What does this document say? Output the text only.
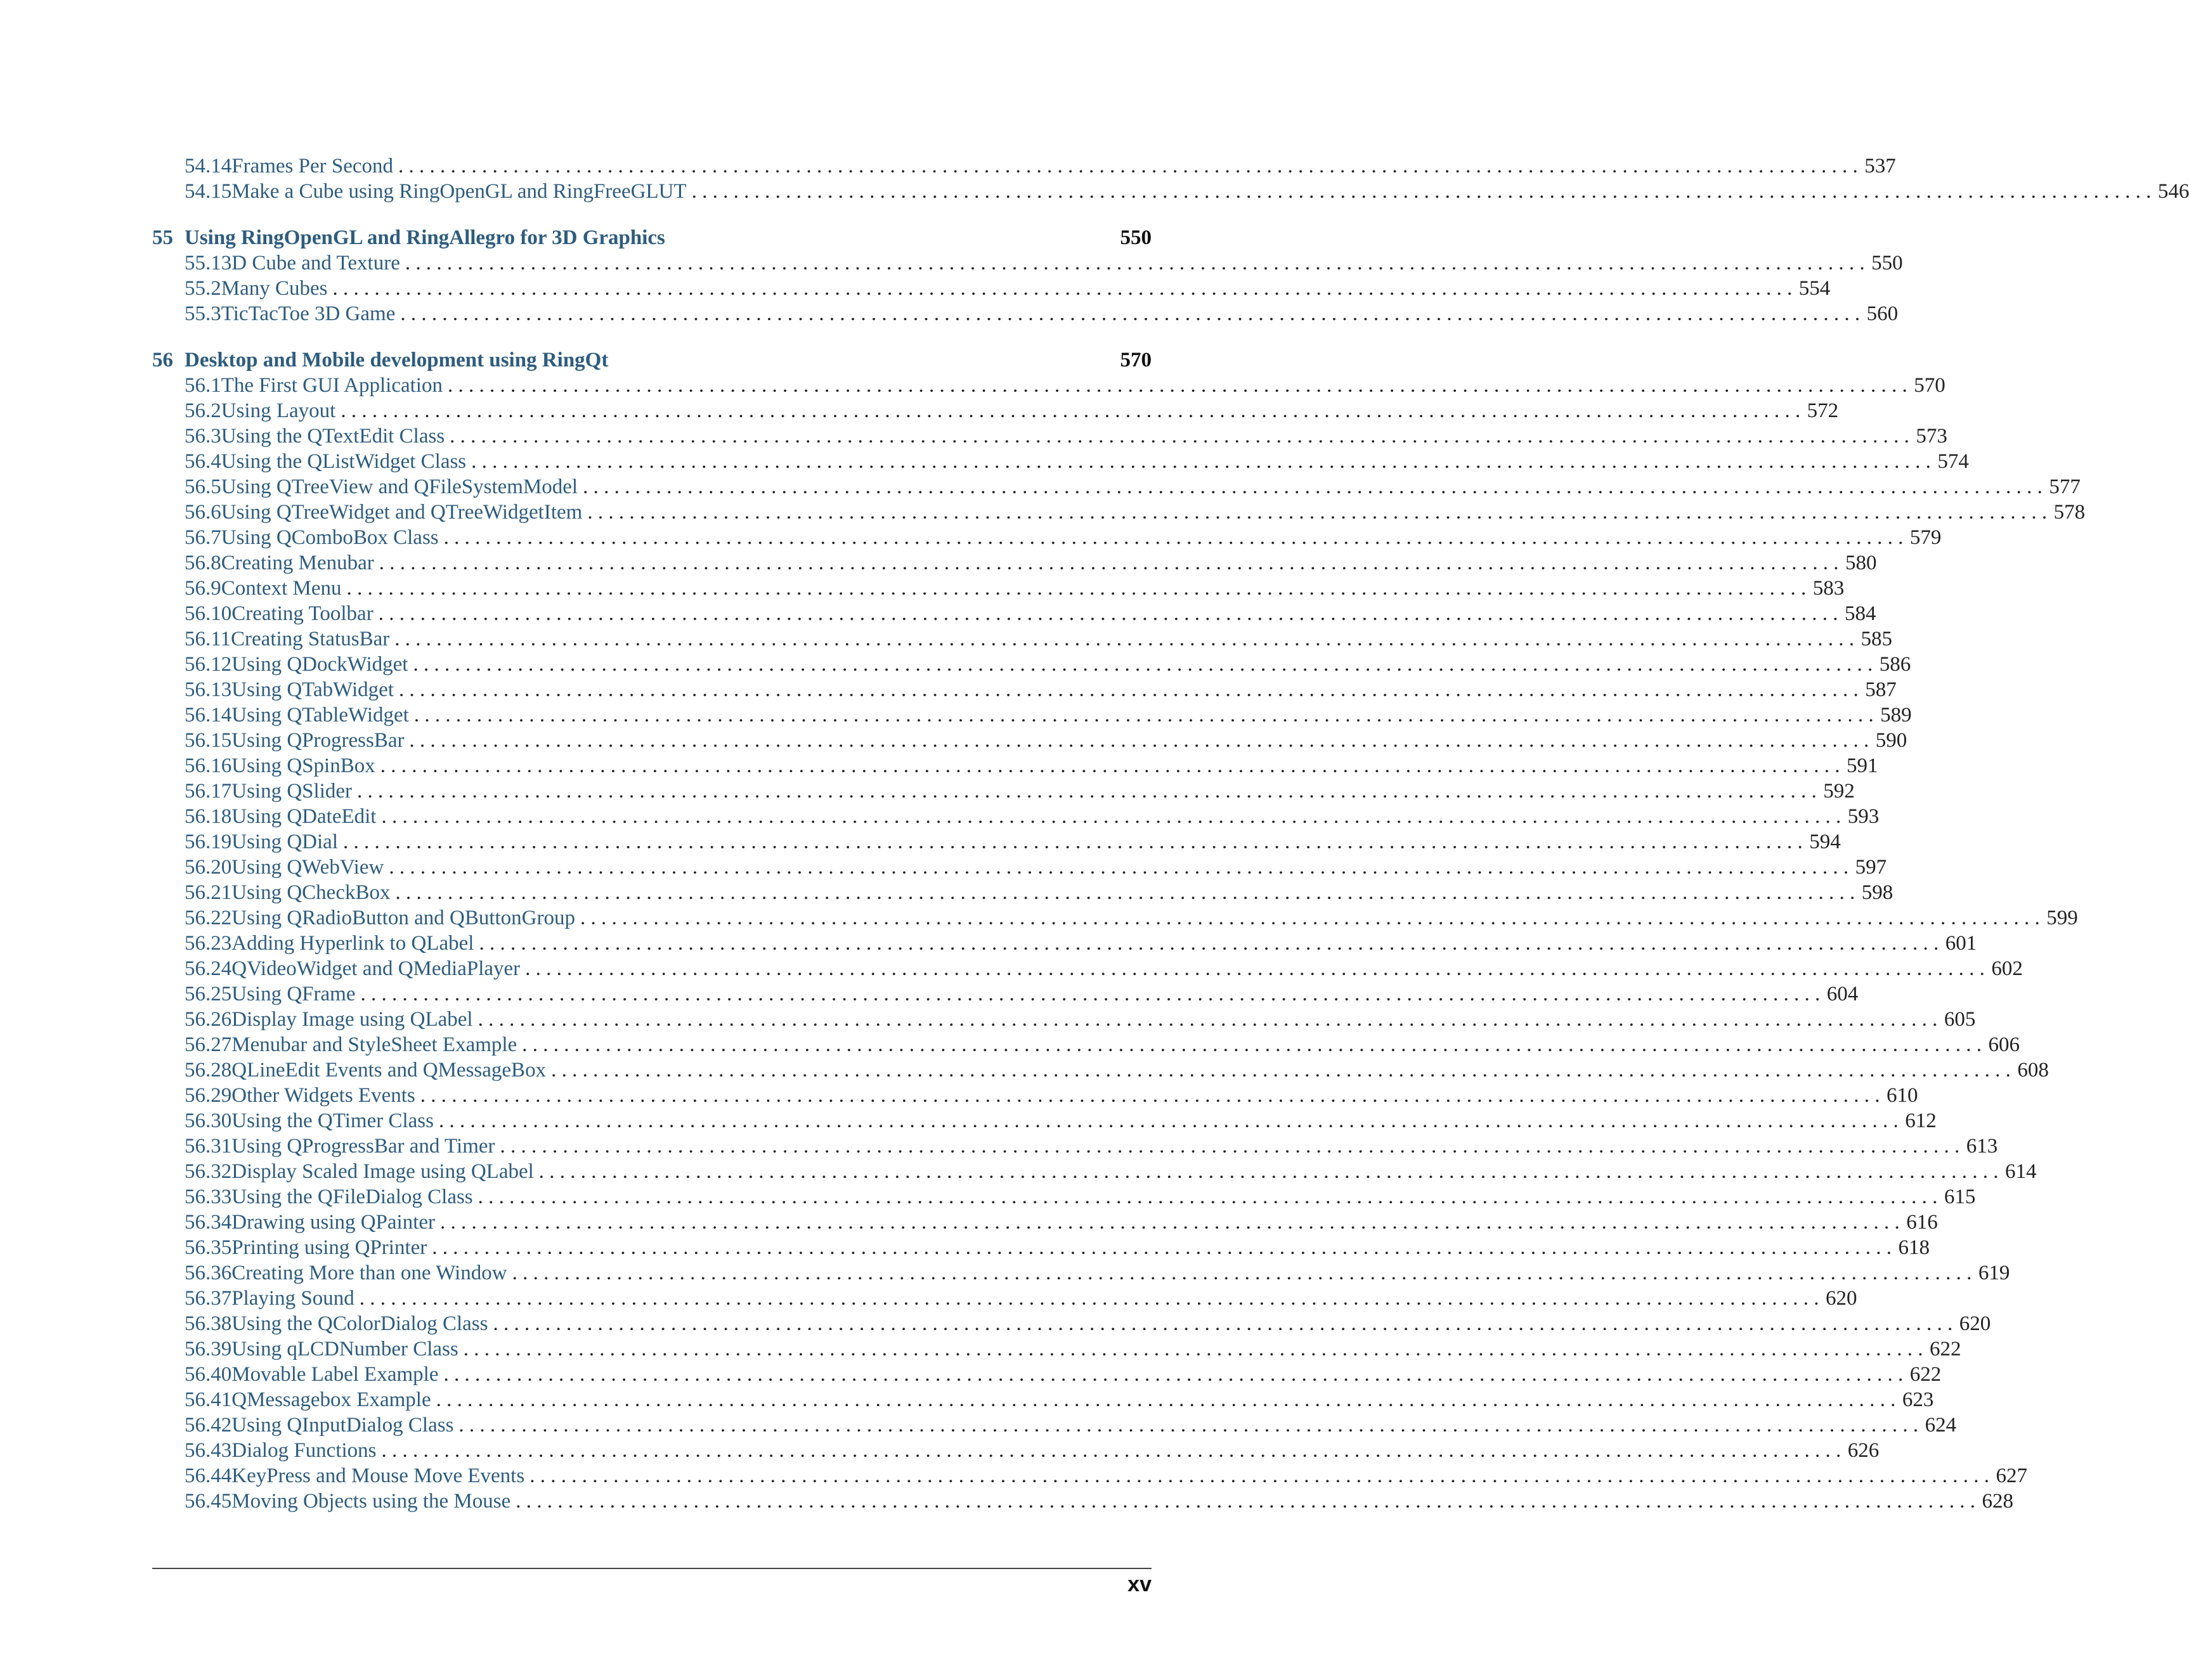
54.14 Frames Per Second . . . . . . . . . . . . . . . . . . . . . . . . . . . . . . . . . . . . . . . . . . . . . . . . . . . . . . . . . . . . . . . . . . . . . . . . . . . . . . . . . . . . . . . . . . . . . . . . . . . . . . . . . . . . . . . . . . . . . . . . . . . . . . . . . . . . . . . . . . . . 537
54.15 Make a Cube using RingOpenGL and RingFreeGLUT . . . . . . . . . . . . . . . . . . . . . . . . . . . . . . . . . . . . . . . . . . . . . . . . . . . . . . . . . . . . . . . . . . . . . . . . . . . . . . . . . . . . . . . . . . . . . . . . . . . . . . . . . . . . . . . . . . . . . . . . . . . . . . . . . . . . . . . . . . . . 546
55 Using RingOpenGL and RingAllegro for 3D Graphics	550
55.1 3D Cube and Texture . . . . . . . . . . . . . . . . . . . . . . . . . . . . . . . . . . . . . . . . . . . . . . . . . . . . . . . . . . . . . . . . . . . . . . . . . . . . . . . . . . . . . . . . . . . . . . . . . . . . . . . . . . . . . . . . . . . . . . . . . . . . . . . . . . . . . . . . . . . . 550
55.2 Many Cubes . . . . . . . . . . . . . . . . . . . . . . . . . . . . . . . . . . . . . . . . . . . . . . . . . . . . . . . . . . . . . . . . . . . . . . . . . . . . . . . . . . . . . . . . . . . . . . . . . . . . . . . . . . . . . . . . . . . . . . . . . . . . . . . . . . . . . . . . . . . . 554
55.3 TicTacToe 3D Game . . . . . . . . . . . . . . . . . . . . . . . . . . . . . . . . . . . . . . . . . . . . . . . . . . . . . . . . . . . . . . . . . . . . . . . . . . . . . . . . . . . . . . . . . . . . . . . . . . . . . . . . . . . . . . . . . . . . . . . . . . . . . . . . . . . . . . . . . . . . 560
56 Desktop and Mobile development using RingQt	570
56.1 The First GUI Application . . . . . . . . . . . . . . . . . . . . . . . . . . . . . . . . . . . . . . . . . . . . . . . . . . . . . . . . . . . . . . . . . . . . . . . . . . . . . . . . . . . . . . . . . . . . . . . . . . . . . . . . . . . . . . . . . . . . . . . . . . . . . . . . . . . . . . . . . . . . 570
56.2 Using Layout . . . . . . . . . . . . . . . . . . . . . . . . . . . . . . . . . . . . . . . . . . . . . . . . . . . . . . . . . . . . . . . . . . . . . . . . . . . . . . . . . . . . . . . . . . . . . . . . . . . . . . . . . . . . . . . . . . . . . . . . . . . . . . . . . . . . . . . . . . . . 572
56.3 Using the QTextEdit Class . . . . . . . . . . . . . . . . . . . . . . . . . . . . . . . . . . . . . . . . . . . . . . . . . . . . . . . . . . . . . . . . . . . . . . . . . . . . . . . . . . . . . . . . . . . . . . . . . . . . . . . . . . . . . . . . . . . . . . . . . . . . . . . . . . . . . . . . . . . . 573
56.4 Using the QListWidget Class . . . . . . . . . . . . . . . . . . . . . . . . . . . . . . . . . . . . . . . . . . . . . . . . . . . . . . . . . . . . . . . . . . . . . . . . . . . . . . . . . . . . . . . . . . . . . . . . . . . . . . . . . . . . . . . . . . . . . . . . . . . . . . . . . . . . . . . . . . . . 574
56.5 Using QTreeView and QFileSystemModel . . . . . . . . . . . . . . . . . . . . . . . . . . . . . . . . . . . . . . . . . . . . . . . . . . . . . . . . . . . . . . . . . . . . . . . . . . . . . . . . . . . . . . . . . . . . . . . . . . . . . . . . . . . . . . . . . . . . . . . . . . . . . . . . . . . . . . . . . . . . 577
56.6 Using QTreeWidget and QTreeWidgetItem . . . . . . . . . . . . . . . . . . . . . . . . . . . . . . . . . . . . . . . . . . . . . . . . . . . . . . . . . . . . . . . . . . . . . . . . . . . . . . . . . . . . . . . . . . . . . . . . . . . . . . . . . . . . . . . . . . . . . . . . . . . . . . . . . . . . . . . . . . . . 578
56.7 Using QComboBox Class . . . . . . . . . . . . . . . . . . . . . . . . . . . . . . . . . . . . . . . . . . . . . . . . . . . . . . . . . . . . . . . . . . . . . . . . . . . . . . . . . . . . . . . . . . . . . . . . . . . . . . . . . . . . . . . . . . . . . . . . . . . . . . . . . . . . . . . . . . . . 579
56.8 Creating Menubar . . . . . . . . . . . . . . . . . . . . . . . . . . . . . . . . . . . . . . . . . . . . . . . . . . . . . . . . . . . . . . . . . . . . . . . . . . . . . . . . . . . . . . . . . . . . . . . . . . . . . . . . . . . . . . . . . . . . . . . . . . . . . . . . . . . . . . . . . . . . 580
56.9 Context Menu . . . . . . . . . . . . . . . . . . . . . . . . . . . . . . . . . . . . . . . . . . . . . . . . . . . . . . . . . . . . . . . . . . . . . . . . . . . . . . . . . . . . . . . . . . . . . . . . . . . . . . . . . . . . . . . . . . . . . . . . . . . . . . . . . . . . . . . . . . . . 583
56.10 Creating Toolbar . . . . . . . . . . . . . . . . . . . . . . . . . . . . . . . . . . . . . . . . . . . . . . . . . . . . . . . . . . . . . . . . . . . . . . . . . . . . . . . . . . . . . . . . . . . . . . . . . . . . . . . . . . . . . . . . . . . . . . . . . . . . . . . . . . . . . . . . . . . . 584
56.11 Creating StatusBar . . . . . . . . . . . . . . . . . . . . . . . . . . . . . . . . . . . . . . . . . . . . . . . . . . . . . . . . . . . . . . . . . . . . . . . . . . . . . . . . . . . . . . . . . . . . . . . . . . . . . . . . . . . . . . . . . . . . . . . . . . . . . . . . . . . . . . . . . . . . 585
56.12 Using QDockWidget . . . . . . . . . . . . . . . . . . . . . . . . . . . . . . . . . . . . . . . . . . . . . . . . . . . . . . . . . . . . . . . . . . . . . . . . . . . . . . . . . . . . . . . . . . . . . . . . . . . . . . . . . . . . . . . . . . . . . . . . . . . . . . . . . . . . . . . . . . . . 586
56.13 Using QTabWidget . . . . . . . . . . . . . . . . . . . . . . . . . . . . . . . . . . . . . . . . . . . . . . . . . . . . . . . . . . . . . . . . . . . . . . . . . . . . . . . . . . . . . . . . . . . . . . . . . . . . . . . . . . . . . . . . . . . . . . . . . . . . . . . . . . . . . . . . . . . . 587
56.14 Using QTableWidget . . . . . . . . . . . . . . . . . . . . . . . . . . . . . . . . . . . . . . . . . . . . . . . . . . . . . . . . . . . . . . . . . . . . . . . . . . . . . . . . . . . . . . . . . . . . . . . . . . . . . . . . . . . . . . . . . . . . . . . . . . . . . . . . . . . . . . . . . . . . 589
56.15 Using QProgressBar . . . . . . . . . . . . . . . . . . . . . . . . . . . . . . . . . . . . . . . . . . . . . . . . . . . . . . . . . . . . . . . . . . . . . . . . . . . . . . . . . . . . . . . . . . . . . . . . . . . . . . . . . . . . . . . . . . . . . . . . . . . . . . . . . . . . . . . . . . . . 590
56.16 Using QSpinBox . . . . . . . . . . . . . . . . . . . . . . . . . . . . . . . . . . . . . . . . . . . . . . . . . . . . . . . . . . . . . . . . . . . . . . . . . . . . . . . . . . . . . . . . . . . . . . . . . . . . . . . . . . . . . . . . . . . . . . . . . . . . . . . . . . . . . . . . . . . . 591
56.17 Using QSlider . . . . . . . . . . . . . . . . . . . . . . . . . . . . . . . . . . . . . . . . . . . . . . . . . . . . . . . . . . . . . . . . . . . . . . . . . . . . . . . . . . . . . . . . . . . . . . . . . . . . . . . . . . . . . . . . . . . . . . . . . . . . . . . . . . . . . . . . . . . . 592
56.18 Using QDateEdit . . . . . . . . . . . . . . . . . . . . . . . . . . . . . . . . . . . . . . . . . . . . . . . . . . . . . . . . . . . . . . . . . . . . . . . . . . . . . . . . . . . . . . . . . . . . . . . . . . . . . . . . . . . . . . . . . . . . . . . . . . . . . . . . . . . . . . . . . . . . 593
56.19 Using QDial . . . . . . . . . . . . . . . . . . . . . . . . . . . . . . . . . . . . . . . . . . . . . . . . . . . . . . . . . . . . . . . . . . . . . . . . . . . . . . . . . . . . . . . . . . . . . . . . . . . . . . . . . . . . . . . . . . . . . . . . . . . . . . . . . . . . . . . . . . . . 594
56.20 Using QWebView . . . . . . . . . . . . . . . . . . . . . . . . . . . . . . . . . . . . . . . . . . . . . . . . . . . . . . . . . . . . . . . . . . . . . . . . . . . . . . . . . . . . . . . . . . . . . . . . . . . . . . . . . . . . . . . . . . . . . . . . . . . . . . . . . . . . . . . . . . . . 597
56.21 Using QCheckBox . . . . . . . . . . . . . . . . . . . . . . . . . . . . . . . . . . . . . . . . . . . . . . . . . . . . . . . . . . . . . . . . . . . . . . . . . . . . . . . . . . . . . . . . . . . . . . . . . . . . . . . . . . . . . . . . . . . . . . . . . . . . . . . . . . . . . . . . . . . . 598
56.22 Using QRadioButton and QButtonGroup . . . . . . . . . . . . . . . . . . . . . . . . . . . . . . . . . . . . . . . . . . . . . . . . . . . . . . . . . . . . . . . . . . . . . . . . . . . . . . . . . . . . . . . . . . . . . . . . . . . . . . . . . . . . . . . . . . . . . . . . . . . . . . . . . . . . . . . . . . . . 599
56.23 Adding Hyperlink to QLabel . . . . . . . . . . . . . . . . . . . . . . . . . . . . . . . . . . . . . . . . . . . . . . . . . . . . . . . . . . . . . . . . . . . . . . . . . . . . . . . . . . . . . . . . . . . . . . . . . . . . . . . . . . . . . . . . . . . . . . . . . . . . . . . . . . . . . . . . . . . . 601
56.24 QVideoWidget and QMediaPlayer . . . . . . . . . . . . . . . . . . . . . . . . . . . . . . . . . . . . . . . . . . . . . . . . . . . . . . . . . . . . . . . . . . . . . . . . . . . . . . . . . . . . . . . . . . . . . . . . . . . . . . . . . . . . . . . . . . . . . . . . . . . . . . . . . . . . . . . . . . . . 602
56.25 Using QFrame . . . . . . . . . . . . . . . . . . . . . . . . . . . . . . . . . . . . . . . . . . . . . . . . . . . . . . . . . . . . . . . . . . . . . . . . . . . . . . . . . . . . . . . . . . . . . . . . . . . . . . . . . . . . . . . . . . . . . . . . . . . . . . . . . . . . . . . . . . . . 604
56.26 Display Image using QLabel . . . . . . . . . . . . . . . . . . . . . . . . . . . . . . . . . . . . . . . . . . . . . . . . . . . . . . . . . . . . . . . . . . . . . . . . . . . . . . . . . . . . . . . . . . . . . . . . . . . . . . . . . . . . . . . . . . . . . . . . . . . . . . . . . . . . . . . . . . . . 605
56.27 Menubar and StyleSheet Example . . . . . . . . . . . . . . . . . . . . . . . . . . . . . . . . . . . . . . . . . . . . . . . . . . . . . . . . . . . . . . . . . . . . . . . . . . . . . . . . . . . . . . . . . . . . . . . . . . . . . . . . . . . . . . . . . . . . . . . . . . . . . . . . . . . . . . . . . . . . 606
56.28 QLineEdit Events and QMessageBox . . . . . . . . . . . . . . . . . . . . . . . . . . . . . . . . . . . . . . . . . . . . . . . . . . . . . . . . . . . . . . . . . . . . . . . . . . . . . . . . . . . . . . . . . . . . . . . . . . . . . . . . . . . . . . . . . . . . . . . . . . . . . . . . . . . . . . . . . . . . 608
56.29 Other Widgets Events . . . . . . . . . . . . . . . . . . . . . . . . . . . . . . . . . . . . . . . . . . . . . . . . . . . . . . . . . . . . . . . . . . . . . . . . . . . . . . . . . . . . . . . . . . . . . . . . . . . . . . . . . . . . . . . . . . . . . . . . . . . . . . . . . . . . . . . . . . . . 610
56.30 Using the QTimer Class . . . . . . . . . . . . . . . . . . . . . . . . . . . . . . . . . . . . . . . . . . . . . . . . . . . . . . . . . . . . . . . . . . . . . . . . . . . . . . . . . . . . . . . . . . . . . . . . . . . . . . . . . . . . . . . . . . . . . . . . . . . . . . . . . . . . . . . . . . . . 612
56.31 Using QProgressBar and Timer . . . . . . . . . . . . . . . . . . . . . . . . . . . . . . . . . . . . . . . . . . . . . . . . . . . . . . . . . . . . . . . . . . . . . . . . . . . . . . . . . . . . . . . . . . . . . . . . . . . . . . . . . . . . . . . . . . . . . . . . . . . . . . . . . . . . . . . . . . . . 613
56.32 Display Scaled Image using QLabel . . . . . . . . . . . . . . . . . . . . . . . . . . . . . . . . . . . . . . . . . . . . . . . . . . . . . . . . . . . . . . . . . . . . . . . . . . . . . . . . . . . . . . . . . . . . . . . . . . . . . . . . . . . . . . . . . . . . . . . . . . . . . . . . . . . . . . . . . . . . 614
56.33 Using the QFileDialog Class . . . . . . . . . . . . . . . . . . . . . . . . . . . . . . . . . . . . . . . . . . . . . . . . . . . . . . . . . . . . . . . . . . . . . . . . . . . . . . . . . . . . . . . . . . . . . . . . . . . . . . . . . . . . . . . . . . . . . . . . . . . . . . . . . . . . . . . . . . . . 615
56.34 Drawing using QPainter . . . . . . . . . . . . . . . . . . . . . . . . . . . . . . . . . . . . . . . . . . . . . . . . . . . . . . . . . . . . . . . . . . . . . . . . . . . . . . . . . . . . . . . . . . . . . . . . . . . . . . . . . . . . . . . . . . . . . . . . . . . . . . . . . . . . . . . . . . . . 616
56.35 Printing using QPrinter . . . . . . . . . . . . . . . . . . . . . . . . . . . . . . . . . . . . . . . . . . . . . . . . . . . . . . . . . . . . . . . . . . . . . . . . . . . . . . . . . . . . . . . . . . . . . . . . . . . . . . . . . . . . . . . . . . . . . . . . . . . . . . . . . . . . . . . . . . . . 618
56.36 Creating More than one Window . . . . . . . . . . . . . . . . . . . . . . . . . . . . . . . . . . . . . . . . . . . . . . . . . . . . . . . . . . . . . . . . . . . . . . . . . . . . . . . . . . . . . . . . . . . . . . . . . . . . . . . . . . . . . . . . . . . . . . . . . . . . . . . . . . . . . . . . . . . . 619
56.37 Playing Sound . . . . . . . . . . . . . . . . . . . . . . . . . . . . . . . . . . . . . . . . . . . . . . . . . . . . . . . . . . . . . . . . . . . . . . . . . . . . . . . . . . . . . . . . . . . . . . . . . . . . . . . . . . . . . . . . . . . . . . . . . . . . . . . . . . . . . . . . . . . . 620
56.38 Using the QColorDialog Class . . . . . . . . . . . . . . . . . . . . . . . . . . . . . . . . . . . . . . . . . . . . . . . . . . . . . . . . . . . . . . . . . . . . . . . . . . . . . . . . . . . . . . . . . . . . . . . . . . . . . . . . . . . . . . . . . . . . . . . . . . . . . . . . . . . . . . . . . . . . 620
56.39 Using qLCDNumber Class . . . . . . . . . . . . . . . . . . . . . . . . . . . . . . . . . . . . . . . . . . . . . . . . . . . . . . . . . . . . . . . . . . . . . . . . . . . . . . . . . . . . . . . . . . . . . . . . . . . . . . . . . . . . . . . . . . . . . . . . . . . . . . . . . . . . . . . . . . . . 622
56.40 Movable Label Example . . . . . . . . . . . . . . . . . . . . . . . . . . . . . . . . . . . . . . . . . . . . . . . . . . . . . . . . . . . . . . . . . . . . . . . . . . . . . . . . . . . . . . . . . . . . . . . . . . . . . . . . . . . . . . . . . . . . . . . . . . . . . . . . . . . . . . . . . . . . 622
56.41 QMessagebox Example . . . . . . . . . . . . . . . . . . . . . . . . . . . . . . . . . . . . . . . . . . . . . . . . . . . . . . . . . . . . . . . . . . . . . . . . . . . . . . . . . . . . . . . . . . . . . . . . . . . . . . . . . . . . . . . . . . . . . . . . . . . . . . . . . . . . . . . . . . . . 623
56.42 Using QInputDialog Class . . . . . . . . . . . . . . . . . . . . . . . . . . . . . . . . . . . . . . . . . . . . . . . . . . . . . . . . . . . . . . . . . . . . . . . . . . . . . . . . . . . . . . . . . . . . . . . . . . . . . . . . . . . . . . . . . . . . . . . . . . . . . . . . . . . . . . . . . . . . 624
56.43 Dialog Functions . . . . . . . . . . . . . . . . . . . . . . . . . . . . . . . . . . . . . . . . . . . . . . . . . . . . . . . . . . . . . . . . . . . . . . . . . . . . . . . . . . . . . . . . . . . . . . . . . . . . . . . . . . . . . . . . . . . . . . . . . . . . . . . . . . . . . . . . . . . . 626
56.44 KeyPress and Mouse Move Events . . . . . . . . . . . . . . . . . . . . . . . . . . . . . . . . . . . . . . . . . . . . . . . . . . . . . . . . . . . . . . . . . . . . . . . . . . . . . . . . . . . . . . . . . . . . . . . . . . . . . . . . . . . . . . . . . . . . . . . . . . . . . . . . . . . . . . . . . . . . 627
56.45 Moving Objects using the Mouse . . . . . . . . . . . . . . . . . . . . . . . . . . . . . . . . . . . . . . . . . . . . . . . . . . . . . . . . . . . . . . . . . . . . . . . . . . . . . . . . . . . . . . . . . . . . . . . . . . . . . . . . . . . . . . . . . . . . . . . . . . . . . . . . . . . . . . . . . . . . 628
xv
